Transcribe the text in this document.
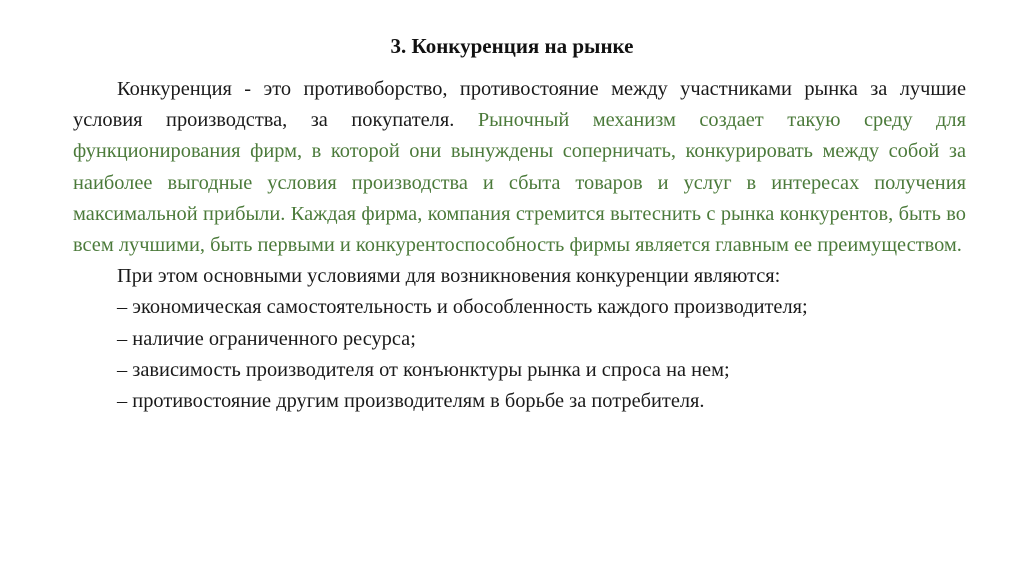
3. Конкуренция на рынке

Конкуренция - это противоборство, противостояние между участниками рынка за лучшие условия производства, за покупателя. Рыночный механизм создает такую среду для функционирования фирм, в которой они вынуждены соперничать, конкурировать между собой за наиболее выгодные условия производства и сбыта товаров и услуг в интересах получения максимальной прибыли. Каждая фирма, компания стремится вытеснить с рынка конкурентов, быть во всем лучшими, быть первыми и конкурентоспособность фирмы является главным ее преимуществом.

При этом основными условиями для возникновения конкуренции являются:

– экономическая самостоятельность и обособленность каждого производителя;

– наличие ограниченного ресурса;

– зависимость производителя от конъюнктуры рынка и спроса на нем;

– противостояние другим производителям в борьбе за потребителя.
